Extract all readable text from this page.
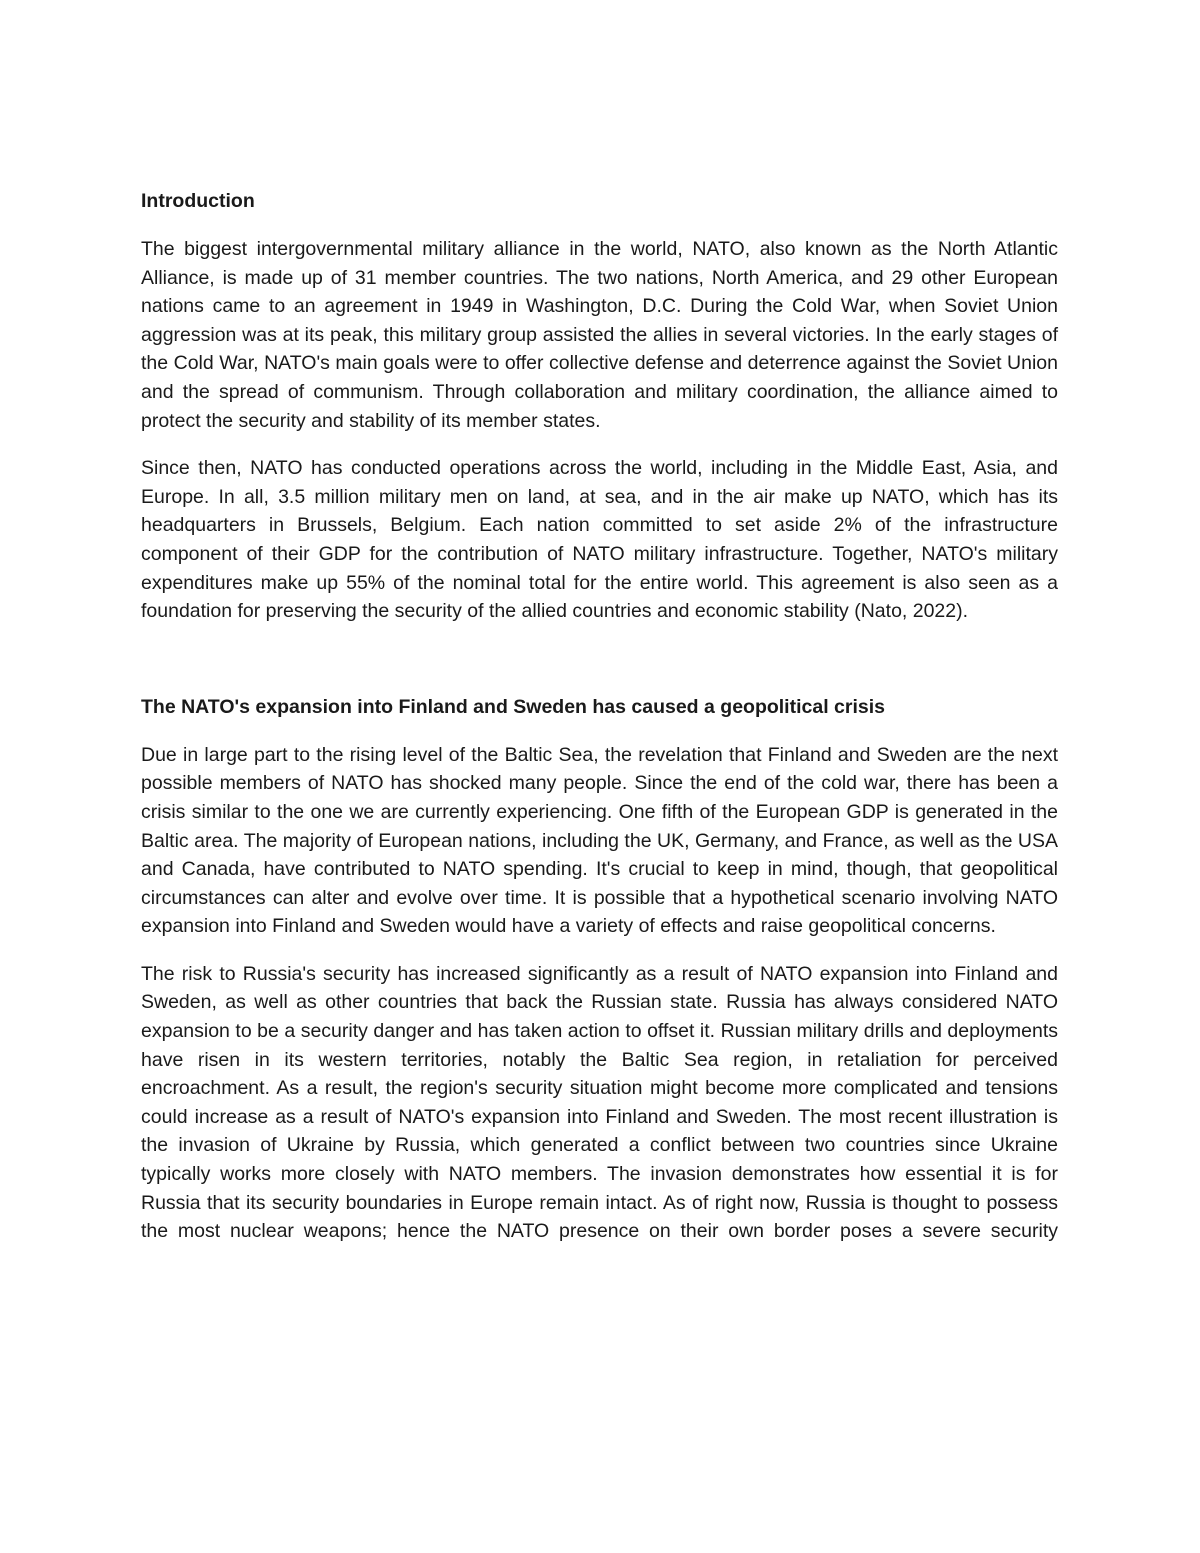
Introduction

The biggest intergovernmental military alliance in the world, NATO, also known as the North Atlantic Alliance, is made up of 31 member countries. The two nations, North America, and 29 other European nations came to an agreement in 1949 in Washington, D.C. During the Cold War, when Soviet Union aggression was at its peak, this military group assisted the allies in several victories. In the early stages of the Cold War, NATO's main goals were to offer collective defense and deterrence against the Soviet Union and the spread of communism. Through collaboration and military coordination, the alliance aimed to protect the security and stability of its member states.

Since then, NATO has conducted operations across the world, including in the Middle East, Asia, and Europe. In all, 3.5 million military men on land, at sea, and in the air make up NATO, which has its headquarters in Brussels, Belgium. Each nation committed to set aside 2% of the infrastructure component of their GDP for the contribution of NATO military infrastructure. Together, NATO's military expenditures make up 55% of the nominal total for the entire world. This agreement is also seen as a foundation for preserving the security of the allied countries and economic stability (Nato, 2022).

The NATO's expansion into Finland and Sweden has caused a geopolitical crisis

Due in large part to the rising level of the Baltic Sea, the revelation that Finland and Sweden are the next possible members of NATO has shocked many people. Since the end of the cold war, there has been a crisis similar to the one we are currently experiencing. One fifth of the European GDP is generated in the Baltic area. The majority of European nations, including the UK, Germany, and France, as well as the USA and Canada, have contributed to NATO spending. It's crucial to keep in mind, though, that geopolitical circumstances can alter and evolve over time. It is possible that a hypothetical scenario involving NATO expansion into Finland and Sweden would have a variety of effects and raise geopolitical concerns.

The risk to Russia's security has increased significantly as a result of NATO expansion into Finland and Sweden, as well as other countries that back the Russian state. Russia has always considered NATO expansion to be a security danger and has taken action to offset it. Russian military drills and deployments have risen in its western territories, notably the Baltic Sea region, in retaliation for perceived encroachment. As a result, the region's security situation might become more complicated and tensions could increase as a result of NATO's expansion into Finland and Sweden. The most recent illustration is the invasion of Ukraine by Russia, which generated a conflict between two countries since Ukraine typically works more closely with NATO members. The invasion demonstrates how essential it is for Russia that its security boundaries in Europe remain intact. As of right now, Russia is thought to possess the most nuclear weapons; hence the NATO presence on their own border poses a severe security
